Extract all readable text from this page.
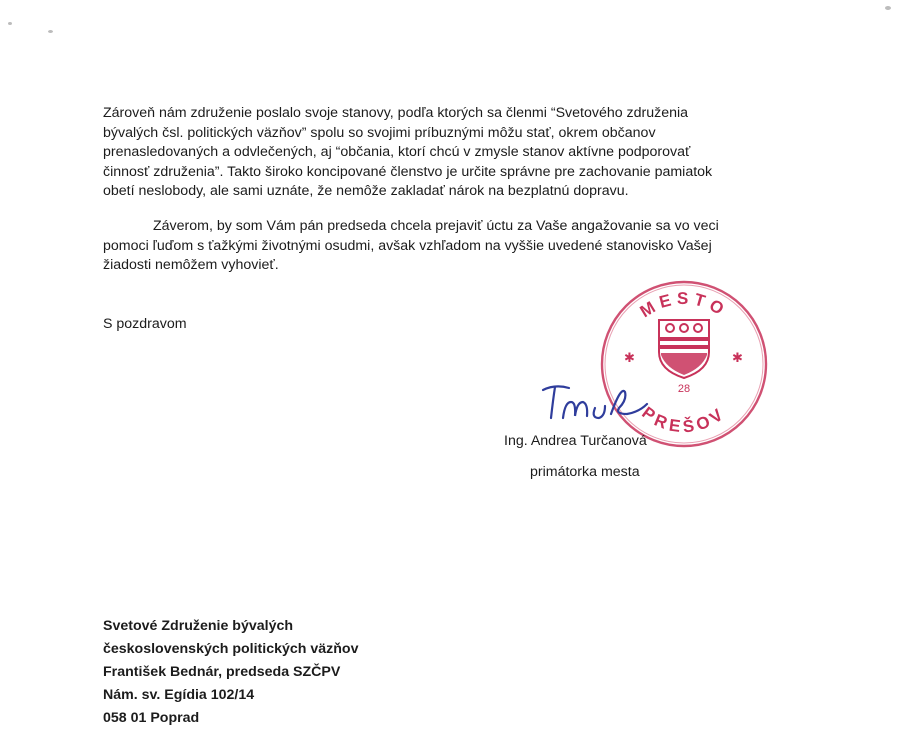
Zároveň nám združenie poslalo svoje stanovy, podľa ktorých sa členmi “Svetového združenia
bývalých čsl. politických väzňov” spolu so svojimi príbuznými môžu stať, okrem občanov
prenasledovaných a odvlečených, aj “občania, ktorí chcú v zmysle stanov aktívne podporovať
činnosť združenia”. Takto široko koncipované členstvo je určite správne pre zachovanie pamiatok
obetí neslobody, ale sami uznáte, že nemôže zakladať nárok na bezplatnú dopravu.
Záverom, by som Vám pán predseda chcela prejaviť úctu za Vaše angažovanie sa vo veci
pomoci ľuďom s ťažkými životnými osudmi, avšak vzhľadom na vyššie uvedené stanovisko Vašej
žiadosti nemôžem vyhovieť.

S pozdravom

MESTO
PREŠOV
✱	✱
28

Ing. Andrea Turčanová

primátorka mesta

Svetové Združenie bývalých
československých politických väzňov
František Bednár, predseda SZČPV
Nám. sv. Egídia 102/14
058 01 Poprad
